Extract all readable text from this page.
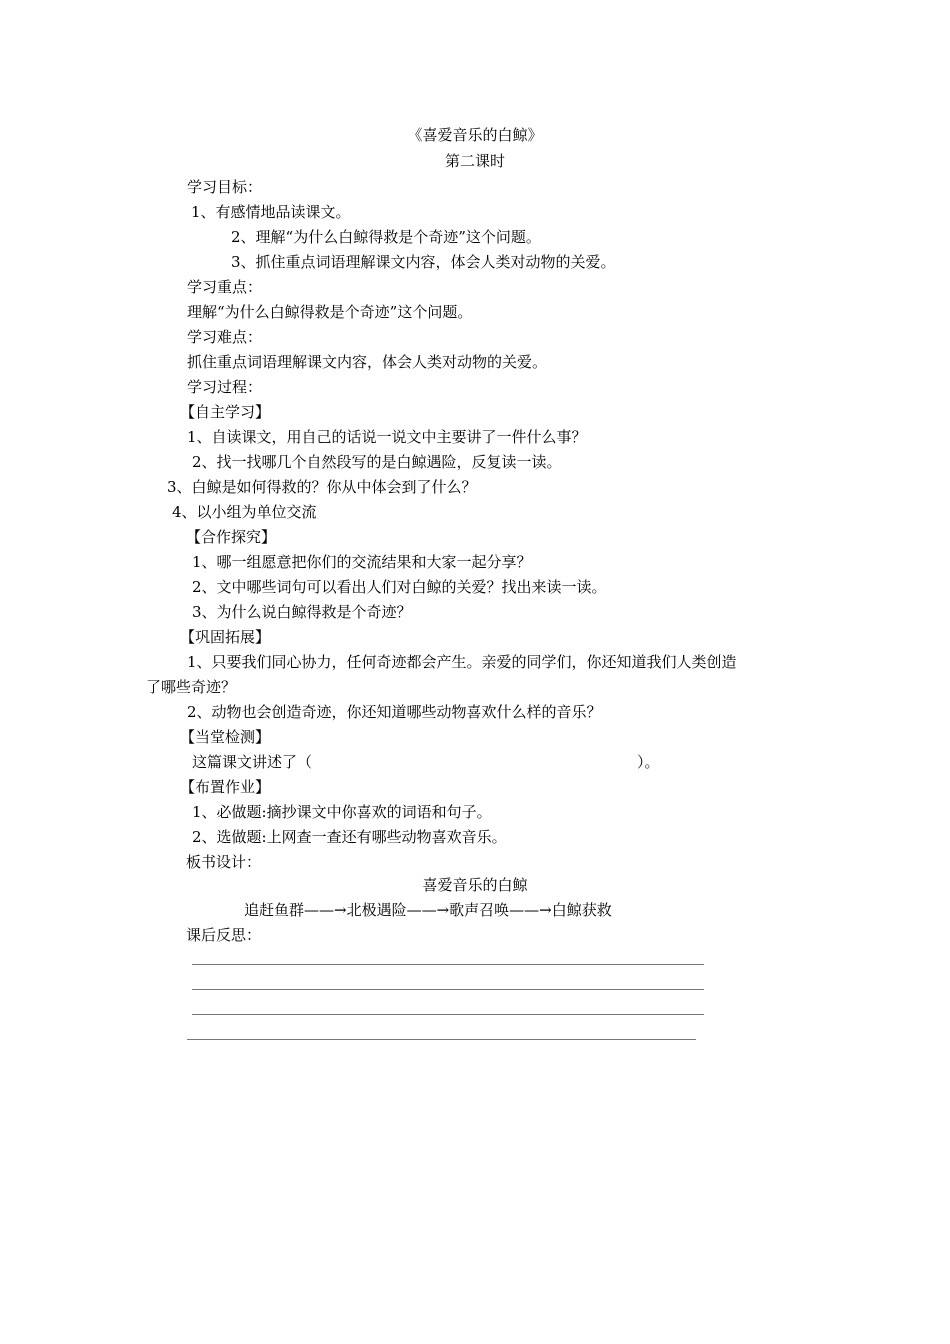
《喜爱音乐的白鲸》
第二课时
学习目标：
1、有感情地品读课文。
2、理解“为什么白鲸得救是个奇迹”这个问题。
3、抓住重点词语理解课文内容，体会人类对动物的关爱。
学习重点：
理解“为什么白鲸得救是个奇迹”这个问题。
学习难点：
抓住重点词语理解课文内容，体会人类对动物的关爱。
学习过程：
【自主学习】
1、自读课文，用自己的话说一说文中主要讲了一件什么事？
2、找一找哪几个自然段写的是白鲸遇险，反复读一读。
3、白鲸是如何得救的？你从中体会到了什么？
4、以小组为单位交流
【合作探究】
1、哪一组愿意把你们的交流结果和大家一起分享？
2、文中哪些词句可以看出人们对白鲸的关爱？找出来读一读。
3、为什么说白鲸得救是个奇迹？
【巩固拓展】
1、只要我们同心协力，任何奇迹都会产生。亲爱的同学们，你还知道我们人类创造
了哪些奇迹？
2、动物也会创造奇迹，你还知道哪些动物喜欢什么样的音乐？
【当堂检测】
这篇课文讲述了（	）。
【布置作业】
1、必做题:摘抄课文中你喜欢的词语和句子。
2、选做题:上网查一查还有哪些动物喜欢音乐。
板书设计：
喜爱音乐的白鲸
追赶鱼群——→北极遇险——→歌声召唤——→白鲸获救
课后反思：
